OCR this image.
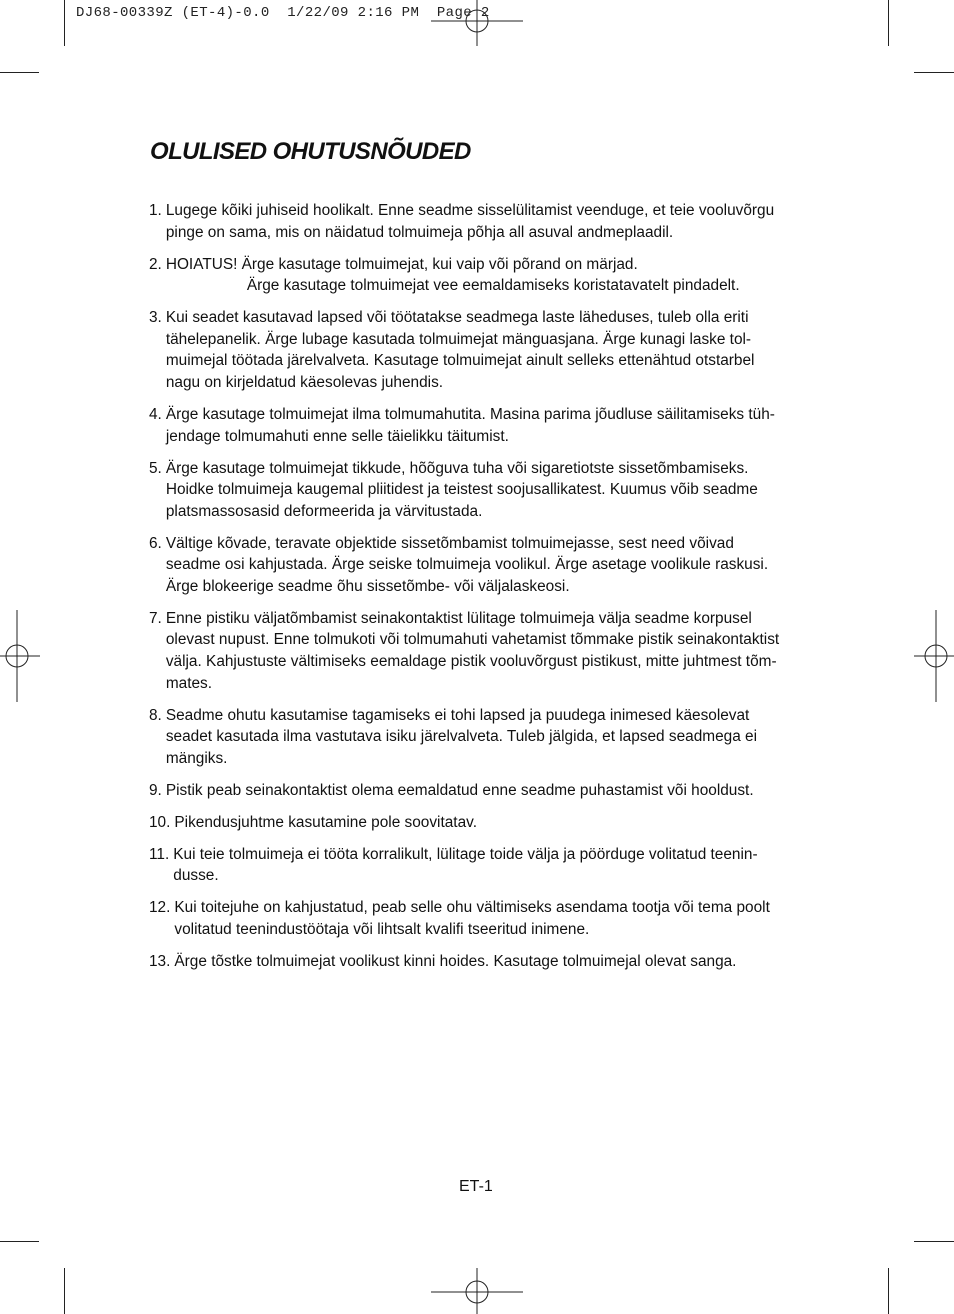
DJ68-00339Z (ET-4)-0.0  1/22/09 2:16 PM  Page 2
OLULISED OHUTUSNÕUDED
1. Lugege kõiki juhiseid hoolikalt. Enne seadme sisselülitamist veenduge, et teie vooluvõrgu
pinge on sama, mis on näidatud tolmuimeja põhja all asuval andmeplaadil.
2. HOIATUS! Ärge kasutage tolmuimejat, kui vaip või põrand on märjad.
Ärge kasutage tolmuimejat vee eemaldamiseks koristatavatelt pindadelt.
3. Kui seadet kasutavad lapsed või töötatakse seadmega laste läheduses, tuleb olla eriti
tähelepanelik. Ärge lubage kasutada tolmuimejat mänguasjana. Ärge kunagi laske tol-
muimejal töötada järelvalveta. Kasutage tolmuimejat ainult selleks ettenähtud otstarbel
nagu on kirjeldatud käesolevas juhendis.
4. Ärge kasutage tolmuimejat ilma tolmumahutita. Masina parima jõudluse säilitamiseks tüh-
jendage tolmumahuti enne selle täielikku täitumist.
5. Ärge kasutage tolmuimejat tikkude, hõõguva tuha või sigaretiotste sissetõmbamiseks.
Hoidke tolmuimeja kaugemal pliitidest ja teistest soojusallikatest. Kuumus võib seadme
platsmassosasid deformeerida ja värvitustada.
6. Vältige kõvade, teravate objektide sissetõmbamist tolmuimejasse, sest need võivad
seadme osi kahjustada. Ärge seiske tolmuimeja voolikul. Ärge asetage voolikule raskusi.
Ärge blokeerige seadme õhu sissetõmbe- või väljalaskeosi.
7. Enne pistiku väljatõmbamist seinakontaktist lülitage tolmuimeja välja seadme korpusel
olevast nupust. Enne tolmukoti või tolmumahuti vahetamist tõmmake pistik seinakontaktist
välja. Kahjustuste vältimiseks eemaldage pistik vooluvõrgust pistikust, mitte juhtmest tõm-
mates.
8. Seadme ohutu kasutamise tagamiseks ei tohi lapsed ja puudega inimesed käesolevat
seadet kasutada ilma vastutava isiku järelvalveta. Tuleb jälgida, et lapsed seadmega ei
mängiks.
9. Pistik peab seinakontaktist olema eemaldatud enne seadme puhastamist või hooldust.
10. Pikendusjuhtme kasutamine pole soovitatav.
11. Kui teie tolmuimeja ei tööta korralikult, lülitage toide välja ja pöörduge volitatud teenin-
dusse.
12. Kui toitejuhe on kahjustatud, peab selle ohu vältimiseks asendama tootja või tema poolt
volitatud teenindustöötaja või lihtsalt kvalifi tseeritud inimene.
13. Ärge tõstke tolmuimejat voolikust kinni hoides. Kasutage tolmuimejal olevat sanga.
ET-1
